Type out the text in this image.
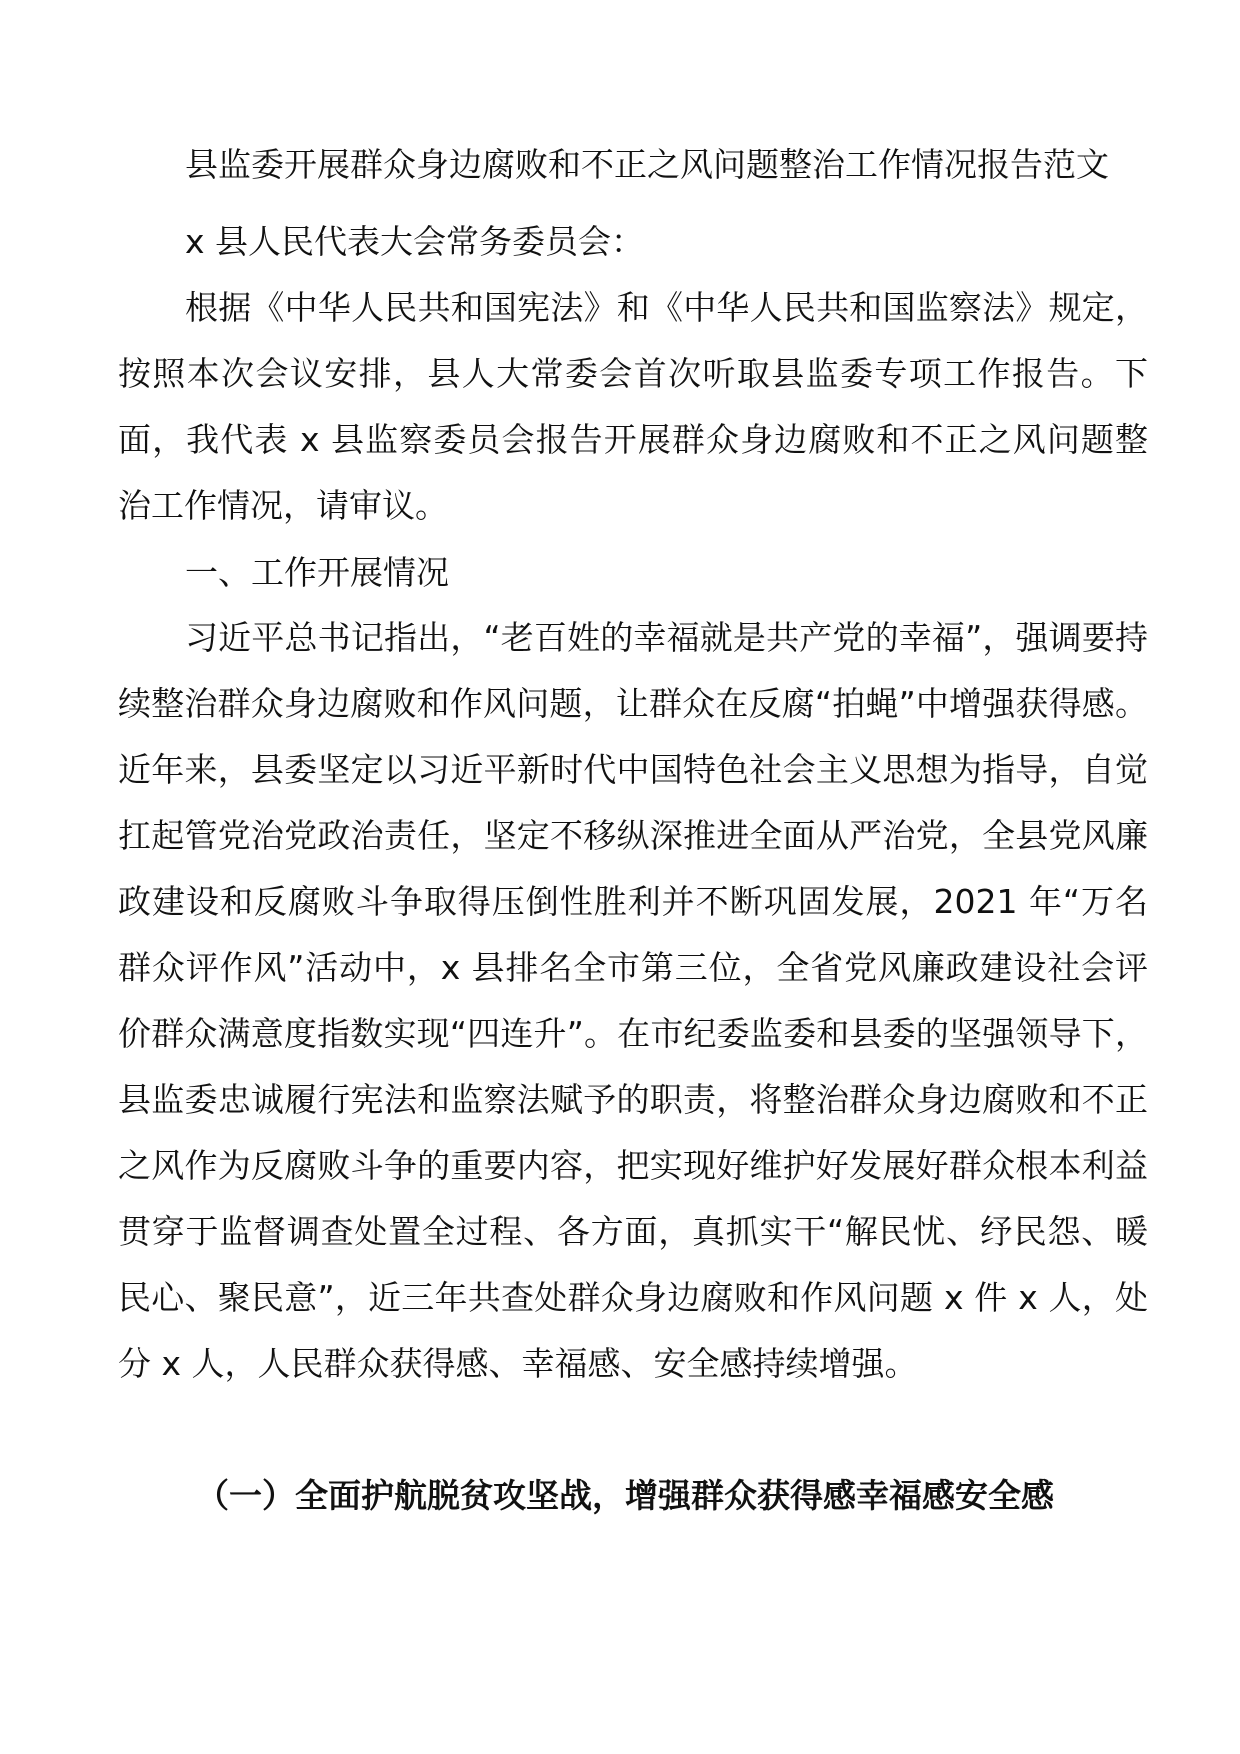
县监委开展群众身边腐败和不正之风问题整治工作情况报告范文
x 县人民代表大会常务委员会：

根据《中华人民共和国宪法》和《中华人民共和国监察法》规定，按照本次会议安排，县人大常委会首次听取县监委专项工作报告。下面，我代表 x 县监察委员会报告开展群众身边腐败和不正之风问题整治工作情况，请审议。

一、工作开展情况

习近平总书记指出，“老百姓的幸福就是共产党的幸福”，强调要持续整治群众身边腐败和作风问题，让群众在反腐“拍蝇”中增强获得感。近年来，县委坚定以习近平新时代中国特色社会主义思想为指导，自觉扛起管党治党政治责任，坚定不移纵深推进全面从严治党，全县党风廉政建设和反腐败斗争取得压倒性胜利并不断巩固发展，2021 年“万名群众评作风”活动中，x 县排名全市第三位，全省党风廉政建设社会评价群众满意度指数实现“四连升”。在市纪委监委和县委的坚强领导下，县监委忠诚履行宪法和监察法赋予的职责，将整治群众身边腐败和不正之风作为反腐败斗争的重要内容，把实现好维护好发展好群众根本利益贯穿于监督调查处置全过程、各方面，真抓实干“解民忧、纾民怨、暖民心、聚民意”，近三年共查处群众身边腐败和作风问题 x 件 x 人，处分 x 人，人民群众获得感、幸福感、安全感持续增强。

（一）全面护航脱贫攻坚战，增强群众获得感幸福感安全感
